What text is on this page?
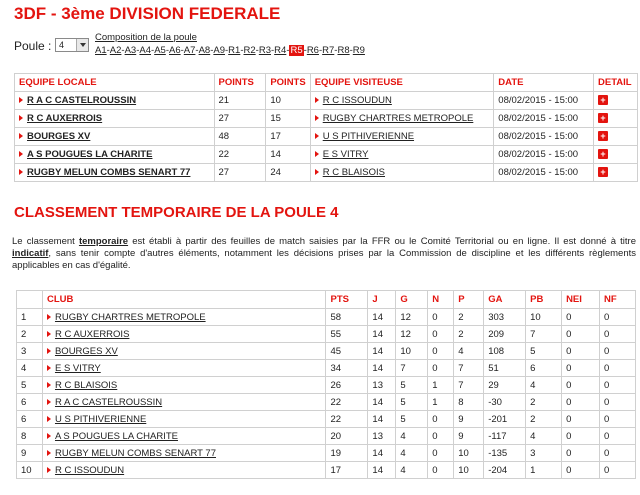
3DF - 3ème DIVISION FEDERALE
Poule : 4
Composition de la poule
A1 - A2 - A3 - A4 - A5 - A6 - A7 - A8 - A9 - R1 - R2 - R3 - R4 - R5 - R6 - R7 - R8 - R9
EQUIPE LOCALE	POINTS	POINTS	EQUIPE VISITEUSE	DATE	DETAIL
R A C CASTELROUSSIN	21	10	R C ISSOUDUN	08/02/2015 - 15:00	+
R C AUXERROIS	27	15	RUGBY CHARTRES METROPOLE	08/02/2015 - 15:00	+
BOURGES XV	48	17	U S PITHIVERIENNE	08/02/2015 - 15:00	+
A S POUGUES LA CHARITE	22	14	E S VITRY	08/02/2015 - 15:00	+
RUGBY MELUN COMBS SENART 77	27	24	R C BLAISOIS	08/02/2015 - 15:00	+
CLASSEMENT TEMPORAIRE DE LA POULE 4
Le classement temporaire est établi à partir des feuilles de match saisies par la FFR ou le Comité Territorial ou en ligne. Il est donné à titre indicatif, sans tenir compte d'autres éléments, notamment les décisions prises par la Commission de discipline et les différents règlements applicables en cas d'égalité.
	CLUB	PTS	J	G	N	P	GA	PB	NEI	NF
1	RUGBY CHARTRES METROPOLE	58	14	12	0	2	303	10	0	0
2	R C AUXERROIS	55	14	12	0	2	209	7	0	0
3	BOURGES XV	45	14	10	0	4	108	5	0	0
4	E S VITRY	34	14	7	0	7	51	6	0	0
5	R C BLAISOIS	26	13	5	1	7	29	4	0	0
6	R A C CASTELROUSSIN	22	14	5	1	8	-30	2	0	0
6	U S PITHIVERIENNE	22	14	5	0	9	-201	2	0	0
8	A S POUGUES LA CHARITE	20	13	4	0	9	-117	4	0	0
9	RUGBY MELUN COMBS SENART 77	19	14	4	0	10	-135	3	0	0
10	R C ISSOUDUN	17	14	4	0	10	-204	1	0	0
